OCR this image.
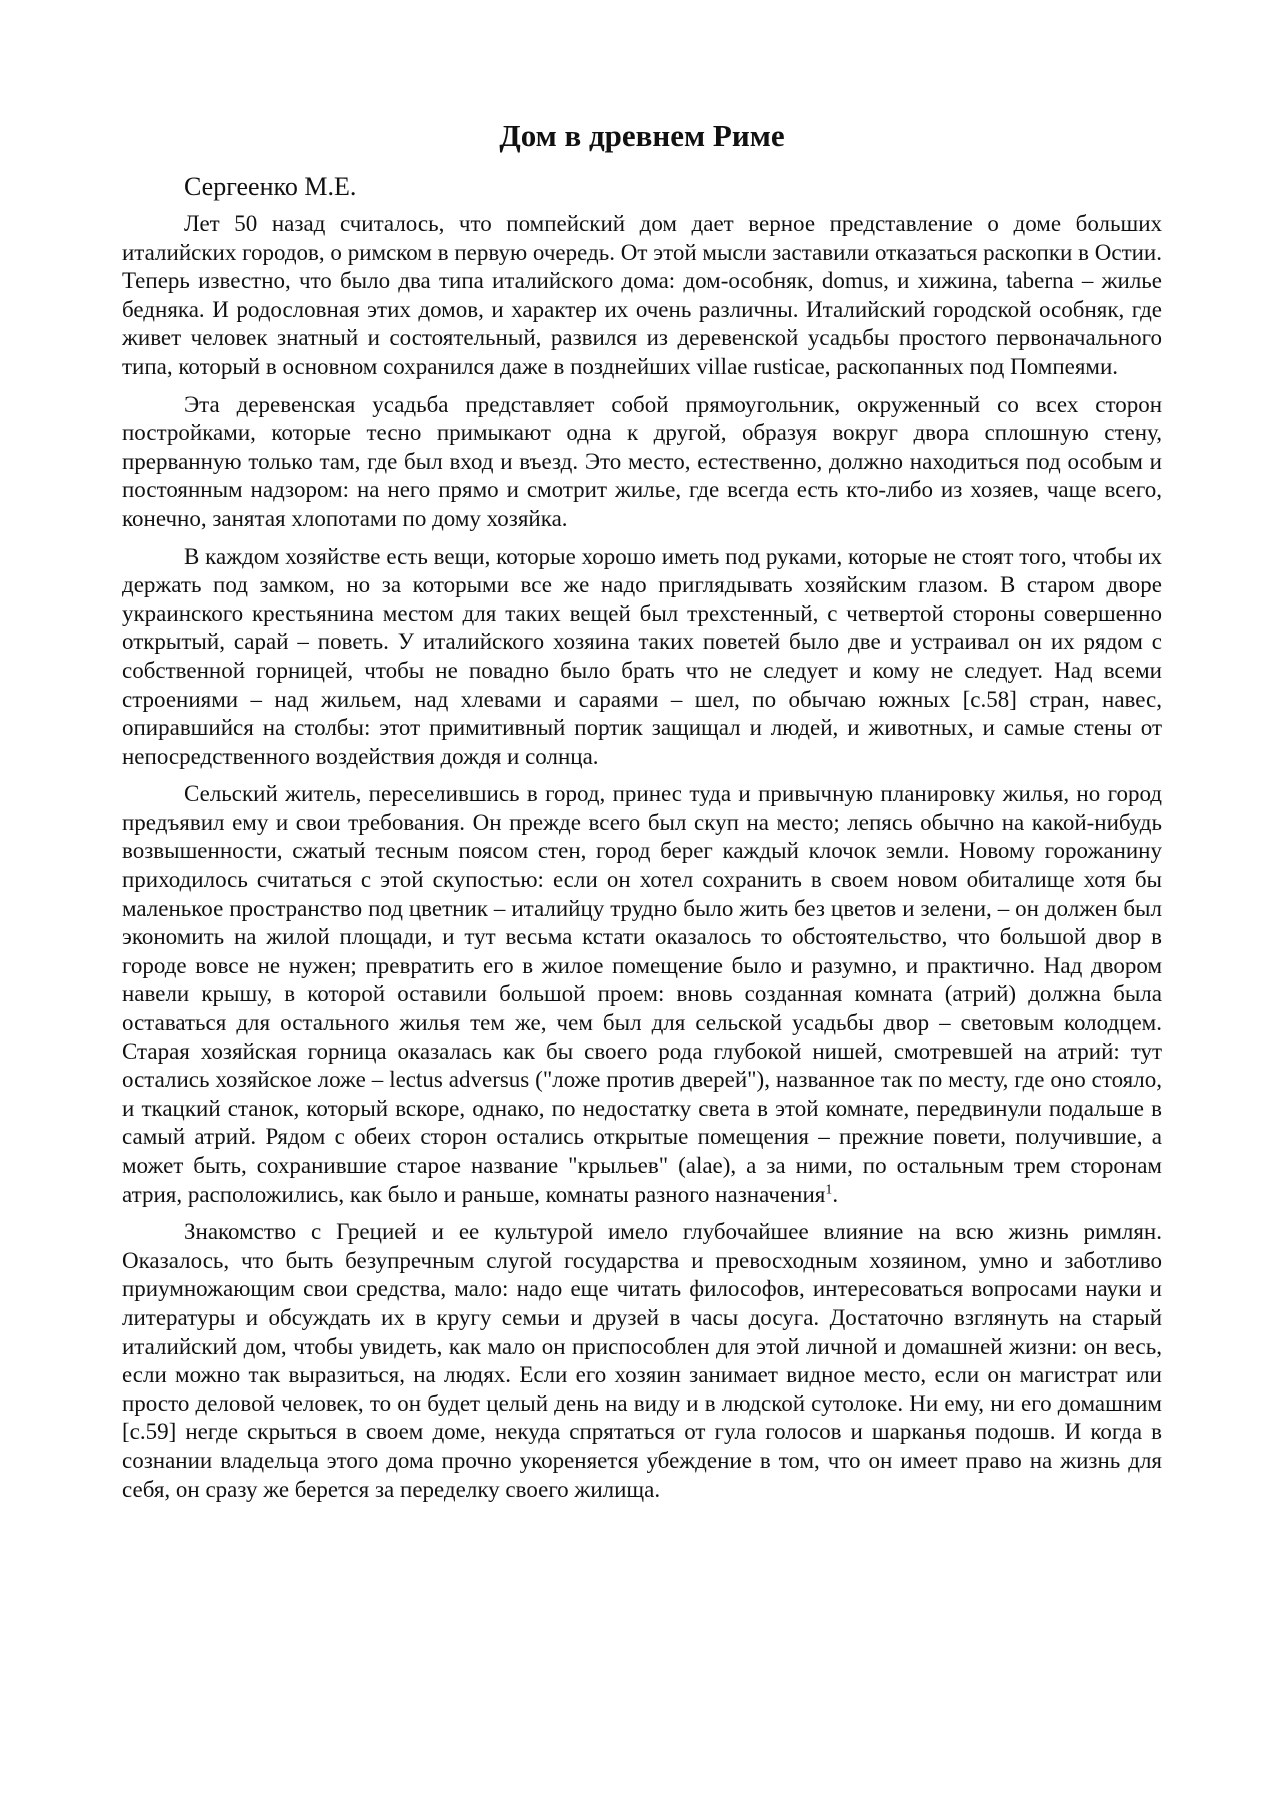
Дом в древнем Риме
Сергеенко М.Е.

Лет 50 назад считалось, что помпейский дом дает верное представление о доме больших италийских городов, о римском в первую очередь. От этой мысли заставили отказаться раскопки в Остии. Теперь известно, что было два типа италийского дома: дом-особняк, domus, и хижина, taberna – жилье бедняка. И родословная этих домов, и характер их очень различны. Италийский городской особняк, где живет человек знатный и состоятельный, развился из деревенской усадьбы простого первоначального типа, который в основном сохранился даже в позднейших villae rusticae, раскопанных под Помпеями.

Эта деревенская усадьба представляет собой прямоугольник, окруженный со всех сторон постройками, которые тесно примыкают одна к другой, образуя вокруг двора сплошную стену, прерванную только там, где был вход и въезд. Это место, естественно, должно находиться под особым и постоянным надзором: на него прямо и смотрит жилье, где всегда есть кто-либо из хозяев, чаще всего, конечно, занятая хлопотами по дому хозяйка.

В каждом хозяйстве есть вещи, которые хорошо иметь под руками, которые не стоят того, чтобы их держать под замком, но за которыми все же надо приглядывать хозяйским глазом. В старом дворе украинского крестьянина местом для таких вещей был трехстенный, с четвертой стороны совершенно открытый, сарай – поветь. У италийского хозяина таких поветей было две и устраивал он их рядом с собственной горницей, чтобы не повадно было брать что не следует и кому не следует. Над всеми строениями – над жильем, над хлевами и сараями – шел, по обычаю южных [с.58] стран, навес, опиравшийся на столбы: этот примитивный портик защищал и людей, и животных, и самые стены от непосредственного воздействия дождя и солнца.

Сельский житель, переселившись в город, принес туда и привычную планировку жилья, но город предъявил ему и свои требования. Он прежде всего был скуп на место; лепясь обычно на какой-нибудь возвышенности, сжатый тесным поясом стен, город берег каждый клочок земли. Новому горожанину приходилось считаться с этой скупостью: если он хотел сохранить в своем новом обиталище хотя бы маленькое пространство под цветник – италийцу трудно было жить без цветов и зелени, – он должен был экономить на жилой площади, и тут весьма кстати оказалось то обстоятельство, что большой двор в городе вовсе не нужен; превратить его в жилое помещение было и разумно, и практично. Над двором навели крышу, в которой оставили большой проем: вновь созданная комната (атрий) должна была оставаться для остального жилья тем же, чем был для сельской усадьбы двор – световым колодцем. Старая хозяйская горница оказалась как бы своего рода глубокой нишей, смотревшей на атрий: тут остались хозяйское ложе – lectus adversus ("ложе против дверей"), названное так по месту, где оно стояло, и ткацкий станок, который вскоре, однако, по недостатку света в этой комнате, передвинули подальше в самый атрий. Рядом с обеих сторон остались открытые помещения – прежние повети, получившие, а может быть, сохранившие старое название "крыльев" (alae), а за ними, по остальным трем сторонам атрия, расположились, как было и раньше, комнаты разного назначения$^1$.

Знакомство с Грецией и ее культурой имело глубочайшее влияние на всю жизнь римлян. Оказалось, что быть безупречным слугой государства и превосходным хозяином, умно и заботливо приумножающим свои средства, мало: надо еще читать философов, интересоваться вопросами науки и литературы и обсуждать их в кругу семьи и друзей в часы досуга. Достаточно взглянуть на старый италийский дом, чтобы увидеть, как мало он приспособлен для этой личной и домашней жизни: он весь, если можно так выразиться, на людях. Если его хозяин занимает видное место, если он магистрат или просто деловой человек, то он будет целый день на виду и в людской сутолоке. Ни ему, ни его домашним [с.59] негде скрыться в своем доме, некуда спрятаться от гула голосов и шарканья подошв. И когда в сознании владельца этого дома прочно укореняется убеждение в том, что он имеет право на жизнь для себя, он сразу же берется за переделку своего жилища.
